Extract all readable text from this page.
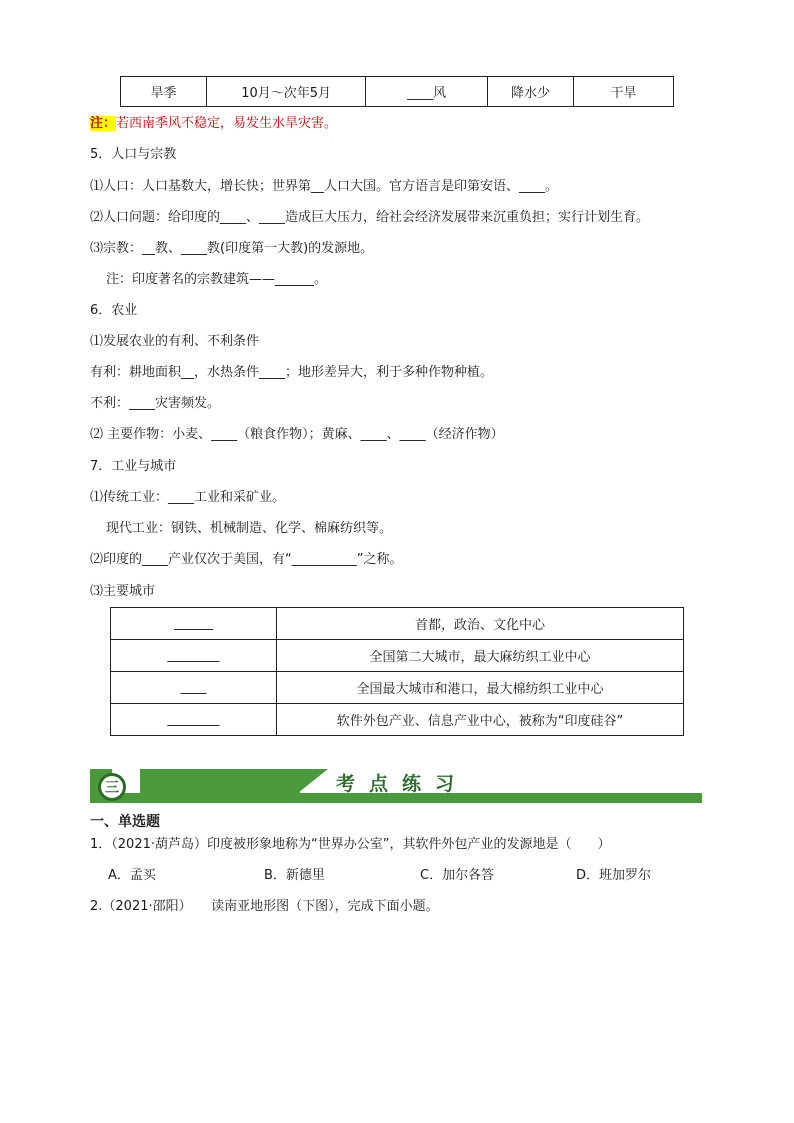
旱季	10月～次年5月	____风	降水少	干旱
注：若西南季风不稳定，易发生水旱灾害。
5．人口与宗教
⑴人口：人口基数大，增长快；世界第__人口大国。官方语言是印第安语、____。
⑵人口问题：给印度的____、____造成巨大压力，给社会经济发展带来沉重负担；实行计划生育。
⑶宗教：__教、____教(印度第一大教)的发源地。
注：印度著名的宗教建筑——______。
6．农业
⑴发展农业的有利、不利条件
有利：耕地面积__，水热条件____；地形差异大，利于多种作物种植。
不利：____灾害频发。
⑵ 主要作物：小麦、____（粮食作物）；黄麻、____、____（经济作物）
7．工业与城市
⑴传统工业：____工业和采矿业。
现代工业：钢铁、机械制造、化学、棉麻纺织等。
⑵印度的____产业仅次于美国，有“__________”之称。
⑶主要城市
______	首都，政治、文化中心
________	全国第二大城市，最大麻纺织工业中心
____	全国最大城市和港口，最大棉纺织工业中心
________	软件外包产业、信息产业中心，被称为“印度硅谷”
三	考点练习
一、单选题
1．（2021·葫芦岛）印度被形象地称为“世界办公室”，其软件外包产业的发源地是（　　）
A．孟买	B．新德里	C．加尔各答	D．班加罗尔
2.（2021·邵阳）　　读南亚地形图（下图），完成下面小题。
